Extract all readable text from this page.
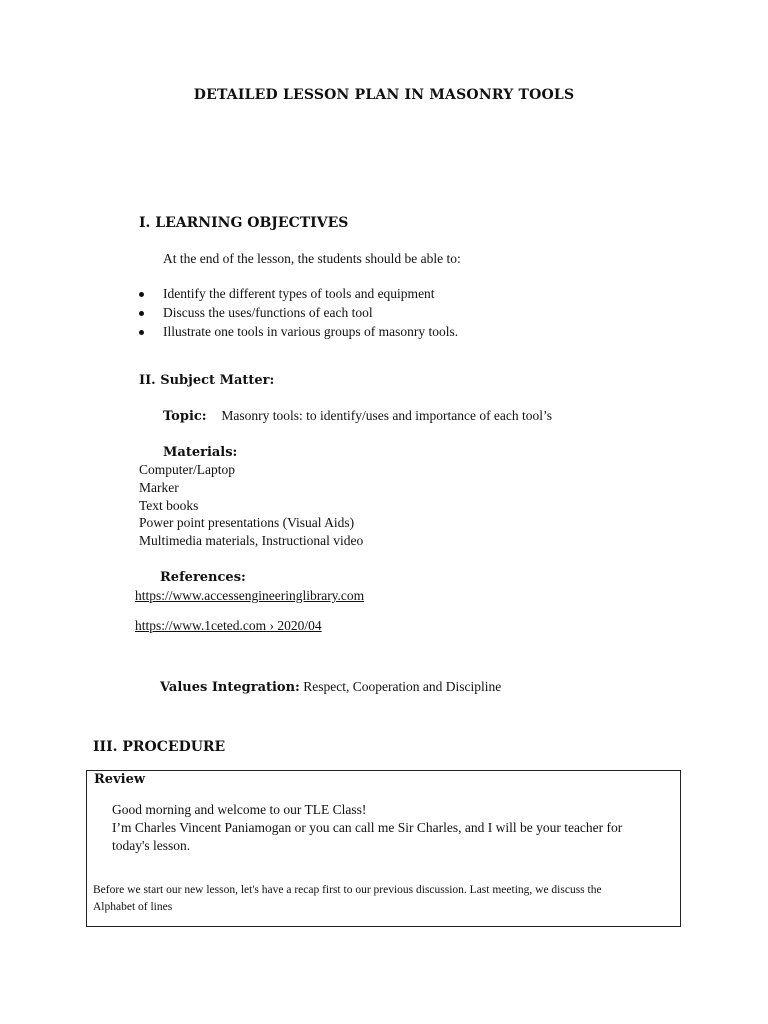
DETAILED LESSON PLAN IN MASONRY TOOLS
I. LEARNING OBJECTIVES
At the end of the lesson, the students should be able to:
Identify the different types of tools and equipment
Discuss the uses/functions of each tool
Illustrate one tools in various groups of masonry tools.
II. Subject Matter:
Topic: Masonry tools: to identify/uses and importance of each tool’s
Materials:
Computer/Laptop
Marker
Text books
Power point presentations (Visual Aids)
Multimedia materials, Instructional video
References:
https://www.accessengineeringlibrary.com
https://www.1ceted.com › 2020/04
Values Integration: Respect, Cooperation and Discipline
III. PROCEDURE
Review
Good morning and welcome to our TLE Class!
I’m Charles Vincent Paniamogan or you can call me Sir Charles, and I will be your teacher for
today's lesson.
Before we start our new lesson, let's have a recap first to our previous discussion. Last meeting, we discuss the
Alphabet of lines
